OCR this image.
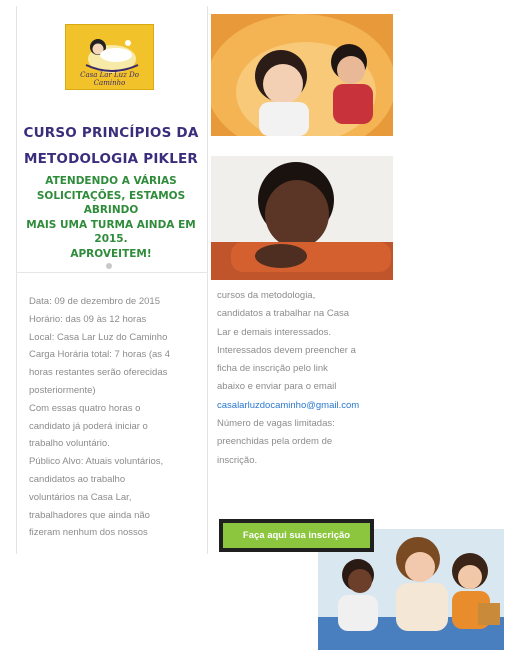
Casa Lar Luz Do Caminho
CURSO PRINCÍPIOS DA
METODOLOGIA PIKLER
ATENDENDO A VÁRIAS
SOLICITAÇÕES, ESTAMOS ABRINDO
MAIS UMA TURMA AINDA EM 2015.
APROVEITEM!
Data: 09 de dezembro de 2015
Horário: das 09 às 12 horas
Local: Casa Lar Luz do Caminho
Carga Horária total: 7 horas (as 4
horas restantes serão oferecidas
posteriormente)
Com essas quatro horas o
candidato já poderá iniciar o
trabalho voluntário.
Público Alvo: Atuais voluntários,
candidatos ao trabalho
voluntários na Casa Lar,
trabalhadores que ainda não
fizeram nenhum dos nossos
cursos da metodologia,
candidatos a trabalhar na Casa
Lar e demais interessados.
Interessados devem preencher a
ficha de inscrição pelo link
abaixo e enviar para o email
casalarluzdocaminho@gmail.com
Número de vagas limitadas:
preenchidas pela ordem de
inscrição.
Faça aqui sua inscrição
